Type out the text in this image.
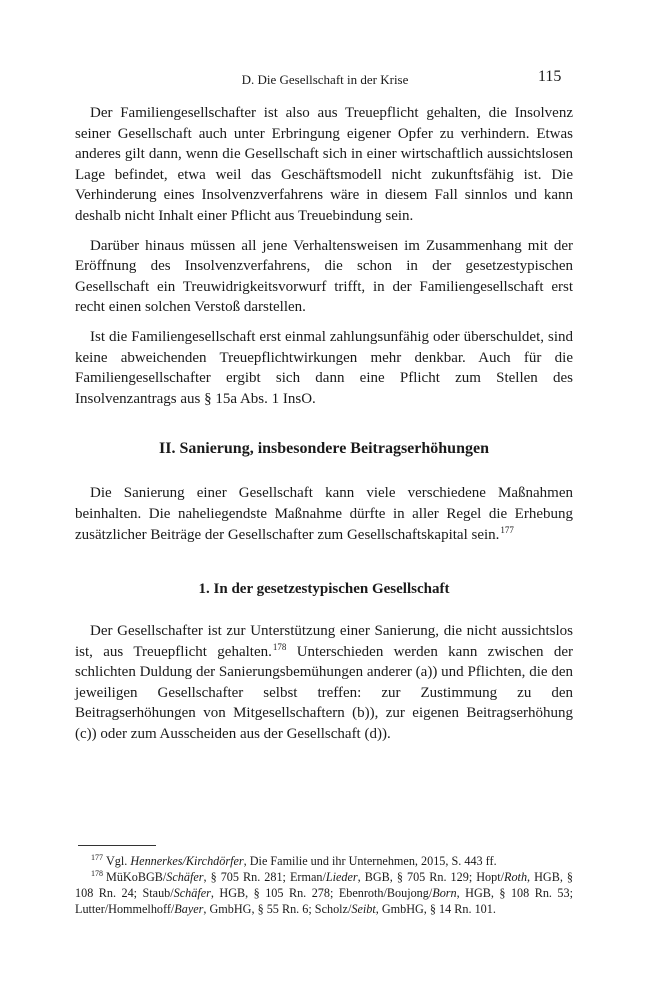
D. Die Gesellschaft in der Krise	115

Der Familiengesellschafter ist also aus Treuepflicht gehalten, die Insolvenz seiner Gesellschaft auch unter Erbringung eigener Opfer zu verhindern. Etwas anderes gilt dann, wenn die Gesellschaft sich in einer wirtschaftlich aussichtslosen Lage befindet, etwa weil das Geschäftsmodell nicht zukunftsfähig ist. Die Verhinderung eines Insolvenzverfahrens wäre in diesem Fall sinnlos und kann deshalb nicht Inhalt einer Pflicht aus Treuebindung sein.

Darüber hinaus müssen all jene Verhaltensweisen im Zusammenhang mit der Eröffnung des Insolvenzverfahrens, die schon in der gesetzestypischen Gesellschaft ein Treuwidrigkeitsvorwurf trifft, in der Familiengesellschaft erst recht einen solchen Verstoß darstellen.

Ist die Familiengesellschaft erst einmal zahlungsunfähig oder überschuldet, sind keine abweichenden Treuepflichtwirkungen mehr denkbar. Auch für die Familiengesellschafter ergibt sich dann eine Pflicht zum Stellen des Insolvenzantrags aus § 15a Abs. 1 InsO.

II. Sanierung, insbesondere Beitragserhöhungen

Die Sanierung einer Gesellschaft kann viele verschiedene Maßnahmen beinhalten. Die naheliegendste Maßnahme dürfte in aller Regel die Erhebung zusätzlicher Beiträge der Gesellschafter zum Gesellschaftskapital sein.$^{177}$

1. In der gesetzestypischen Gesellschaft

Der Gesellschafter ist zur Unterstützung einer Sanierung, die nicht aussichtslos ist, aus Treuepflicht gehalten.$^{178}$ Unterschieden werden kann zwischen der schlichten Duldung der Sanierungsbemühungen anderer (a)) und Pflichten, die den jeweiligen Gesellschafter selbst treffen: zur Zustimmung zu den Beitragserhöhungen von Mitgesellschaftern (b)), zur eigenen Beitragserhöhung (c)) oder zum Ausscheiden aus der Gesellschaft (d)).

$^{177}$ Vgl. Hennerkes/Kirchdörfer, Die Familie und ihr Unternehmen, 2015, S. 443 ff.

$^{178}$ MüKoBGB/Schäfer, § 705 Rn. 281; Erman/Lieder, BGB, § 705 Rn. 129; Hopt/Roth, HGB, § 108 Rn. 24; Staub/Schäfer, HGB, § 105 Rn. 278; Ebenroth/Boujong/Born, HGB, § 108 Rn. 53; Lutter/Hommelhoff/Bayer, GmbHG, § 55 Rn. 6; Scholz/Seibt, GmbHG, § 14 Rn. 101.
